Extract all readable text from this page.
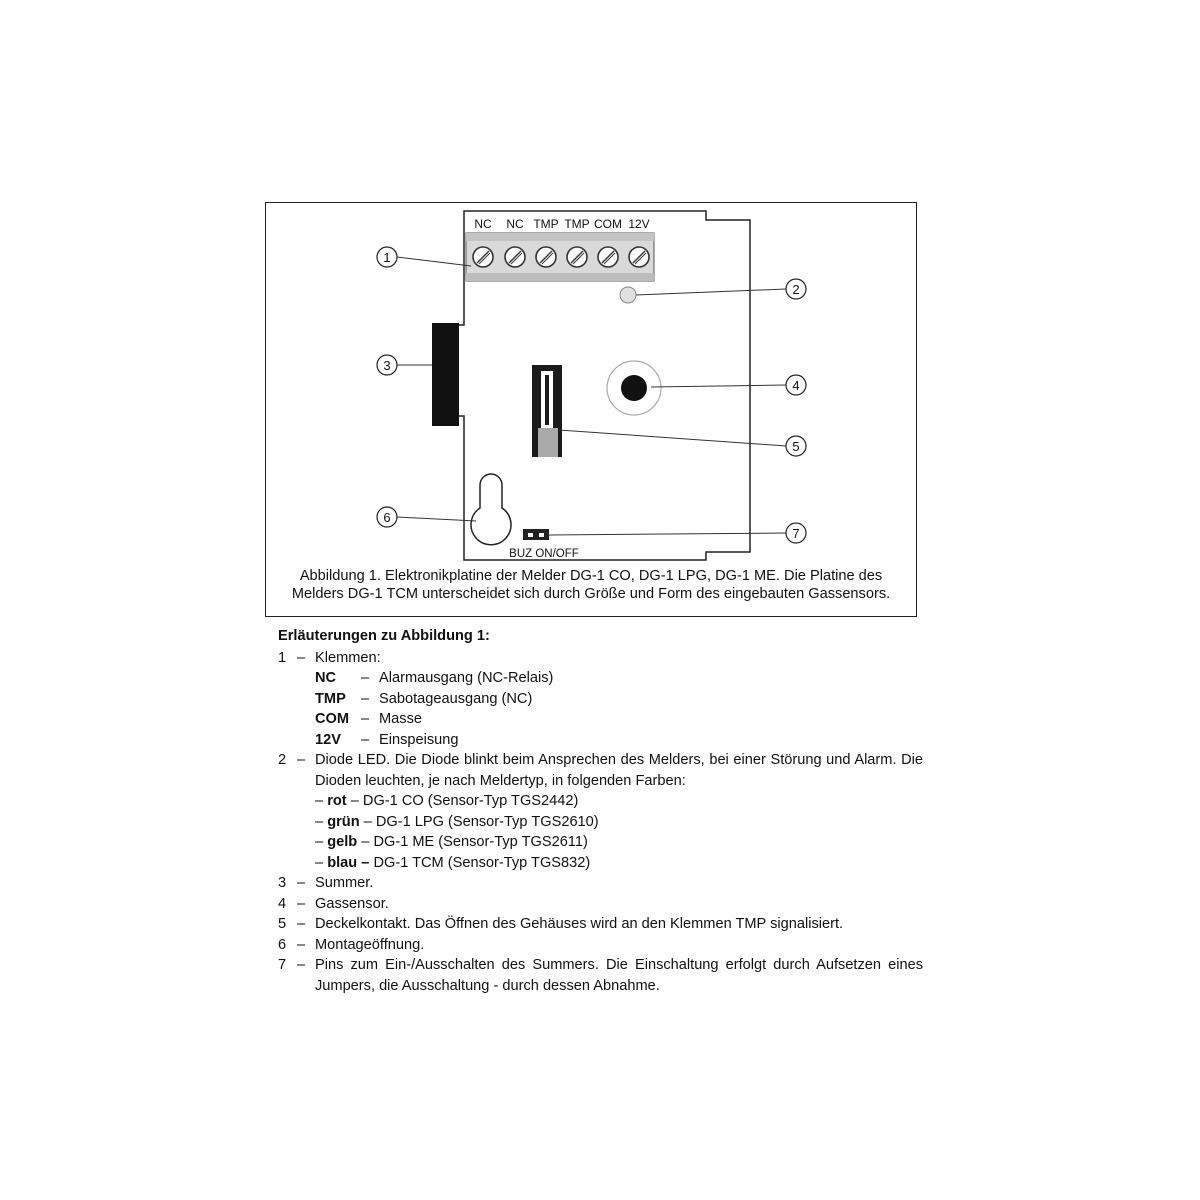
NC NC TMP TMP COM 12V
BUZ ON/OFF
1
2
3
4
5
6
7
Abbildung 1. Elektronikplatine der Melder DG-1 CO, DG-1 LPG, DG-1 ME. Die Platine des
Melders DG-1 TCM unterscheidet sich durch Größe und Form des eingebauten Gassensors.
Erläuterungen zu Abbildung 1:
1 – Klemmen:
NC	– Alarmausgang (NC-Relais)
TMP	– Sabotageausgang (NC)
COM – Masse
12V	– Einspeisung
2 – Diode LED. Die Diode blinkt beim Ansprechen des Melders, bei einer Störung und Alarm. Die Dioden leuchten, je nach Meldertyp, in folgenden Farben:
– rot – DG-1 CO (Sensor-Typ TGS2442)
– grün – DG-1 LPG (Sensor-Typ TGS2610)
– gelb – DG-1 ME (Sensor-Typ TGS2611)
– blau – DG-1 TCM (Sensor-Typ TGS832)
3 – Summer.
4 – Gassensor.
5 – Deckelkontakt. Das Öffnen des Gehäuses wird an den Klemmen TMP signalisiert.
6 – Montageöffnung.
7 – Pins zum Ein-/Ausschalten des Summers. Die Einschaltung erfolgt durch Aufsetzen eines Jumpers, die Ausschaltung - durch dessen Abnahme.
